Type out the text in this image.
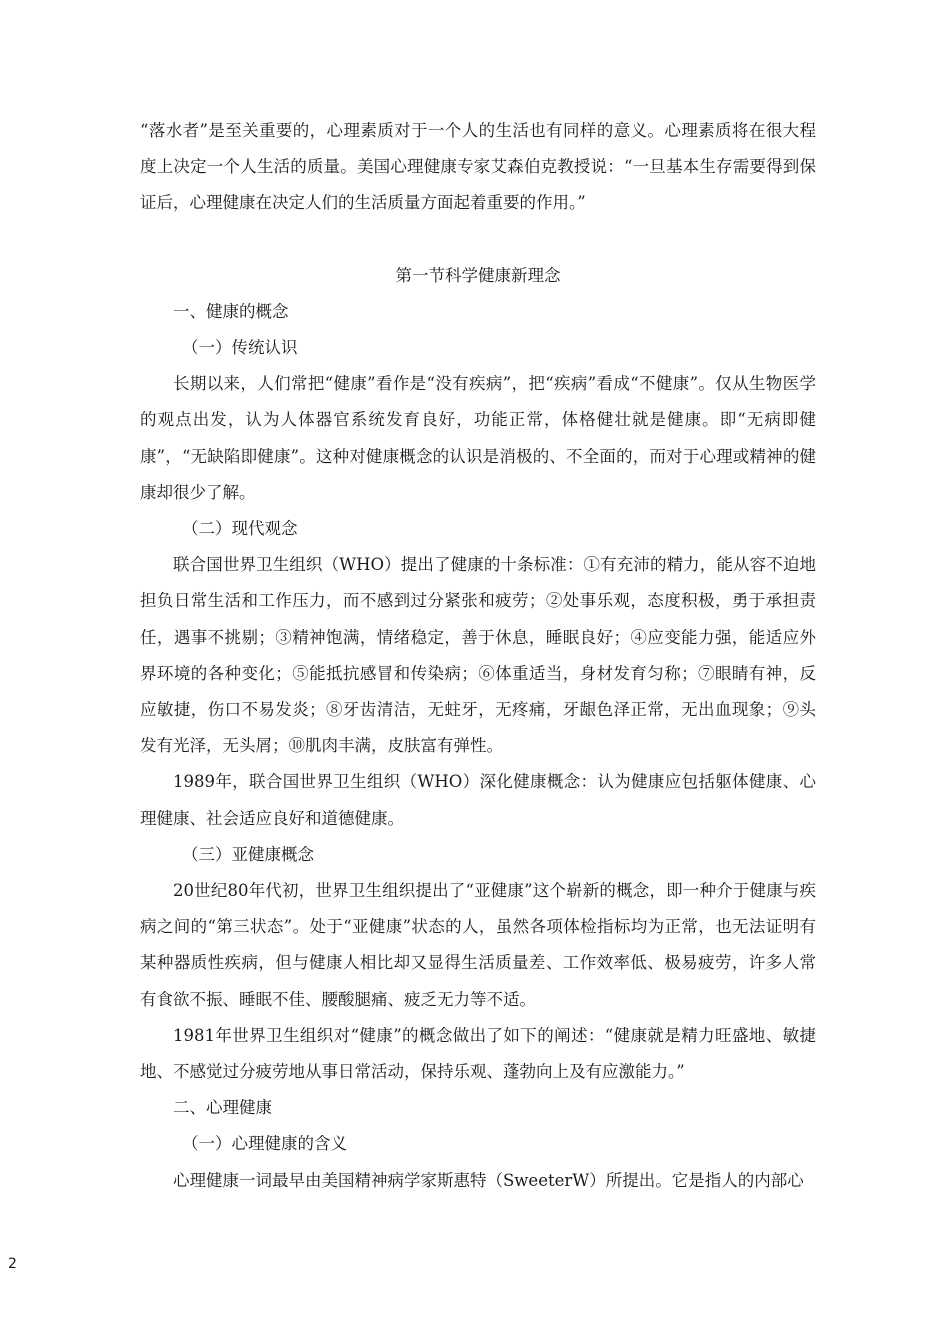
“落水者”是至关重要的，心理素质对于一个人的生活也有同样的意义。心理素质将在很大程度上决定一个人生活的质量。美国心理健康专家艾森伯克教授说：“一旦基本生存需要得到保证后，心理健康在决定人们的生活质量方面起着重要的作用。”

第一节科学健康新理念

一、健康的概念

（一）传统认识

长期以来，人们常把“健康”看作是“没有疾病”，把“疾病”看成“不健康”。仅从生物医学的观点出发，认为人体器官系统发育良好，功能正常，体格健壮就是健康。即“无病即健康”，“无缺陷即健康”。这种对健康概念的认识是消极的、不全面的，而对于心理或精神的健康却很少了解。

（二）现代观念

联合国世界卫生组织（WHO）提出了健康的十条标准：①有充沛的精力，能从容不迫地担负日常生活和工作压力，而不感到过分紧张和疲劳；②处事乐观，态度积极，勇于承担责任，遇事不挑剔；③精神饱满，情绪稳定，善于休息，睡眠良好；④应变能力强，能适应外界环境的各种变化；⑤能抵抗感冒和传染病；⑥体重适当，身材发育匀称；⑦眼睛有神，反应敏捷，伤口不易发炎；⑧牙齿清洁，无蛀牙，无疼痛，牙龈色泽正常，无出血现象；⑨头发有光泽，无头屑；⑩肌肉丰满，皮肤富有弹性。

1989年，联合国世界卫生组织（WHO）深化健康概念：认为健康应包括躯体健康、心理健康、社会适应良好和道德健康。

（三）亚健康概念

20世纪80年代初，世界卫生组织提出了“亚健康”这个崭新的概念，即一种介于健康与疾病之间的“第三状态”。处于“亚健康”状态的人，虽然各项体检指标均为正常，也无法证明有某种器质性疾病，但与健康人相比却又显得生活质量差、工作效率低、极易疲劳，许多人常有食欲不振、睡眠不佳、腰酸腿痛、疲乏无力等不适。

1981年世界卫生组织对“健康”的概念做出了如下的阐述：“健康就是精力旺盛地、敏捷地、不感觉过分疲劳地从事日常活动，保持乐观、蓬勃向上及有应激能力。”

二、心理健康

（一）心理健康的含义

心理健康一词最早由美国精神病学家斯惠特（SweeterW）所提出。它是指人的内部心

2
